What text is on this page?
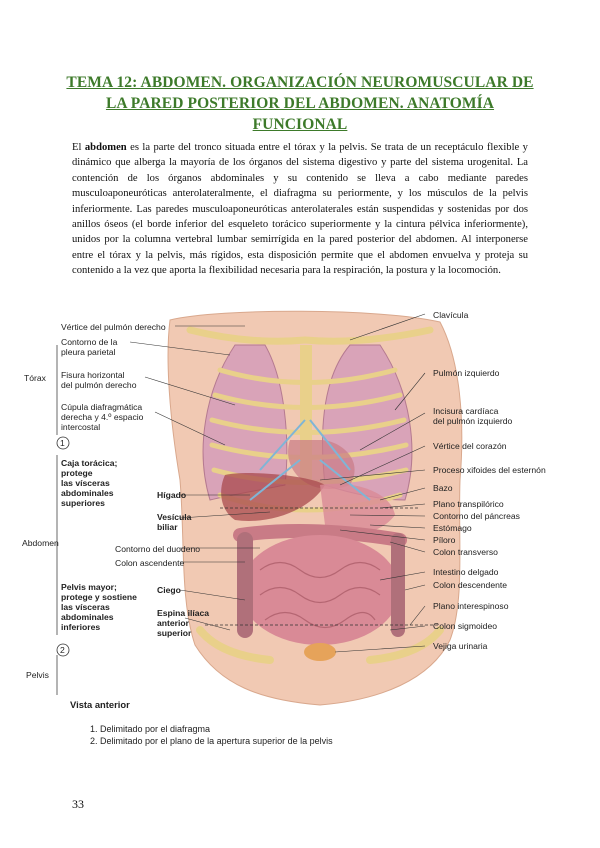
TEMA 12: ABDOMEN. ORGANIZACIÓN NEUROMUSCULAR DE LA PARED POSTERIOR DEL ABDOMEN. ANATOMÍA FUNCIONAL
El abdomen es la parte del tronco situada entre el tórax y la pelvis. Se trata de un receptáculo flexible y dinámico que alberga la mayoría de los órganos del sistema digestivo y parte del sistema urogenital. La contención de los órganos abdominales y su contenido se lleva a cabo mediante paredes musculoaponeuróticas anterolateralmente, el diafragma su periormente, y los músculos de la pelvis inferiormente. Las paredes musculoaponeuróticas anterolaterales están suspendidas y sostenidas por dos anillos óseos (el borde inferior del esqueleto torácico superiormente y la cintura pélvica inferiormente), unidos por la columna vertebral lumbar semirrígida en la pared posterior del abdomen. Al interponerse entre el tórax y la pelvis, más rígidos, esta disposición permite que el abdomen envuelva y proteja su contenido a la vez que aporta la flexibilidad necesaria para la respiración, la postura y la locomoción.
Vértice del pulmón derecho
Contorno de la
pleura parietal
Tórax Fisura horizontal
del pulmón derecho
Cúpula diafragmática
derecha y 4.º espacio
intercostal
1
Caja torácica;
protege
las vísceras
abdominales
superiores
Hígado
Vesícula
biliar
Abdomen
Contorno del duodeno
Colon ascendente
Pelvis mayor;
protege y sostiene
las vísceras
abdominales
inferiores
Ciego
Espina ilíaca
anterior
superior
2
Pelvis
Vista anterior
1. Delimitado por el diafragma
2. Delimitado por el plano de la apertura superior de la pelvis
Clavícula
Pulmón izquierdo
Incisura cardíaca
del pulmón izquierdo
Vértice del corazón
Proceso xifoides del esternón
Bazo
Plano transpilórico
Contorno del páncreas
Estómago
Píloro
Colon transverso
Intestino delgado
Colon descendente
Plano interespinoso
Colon sigmoideo
Vejiga urinaria
33
